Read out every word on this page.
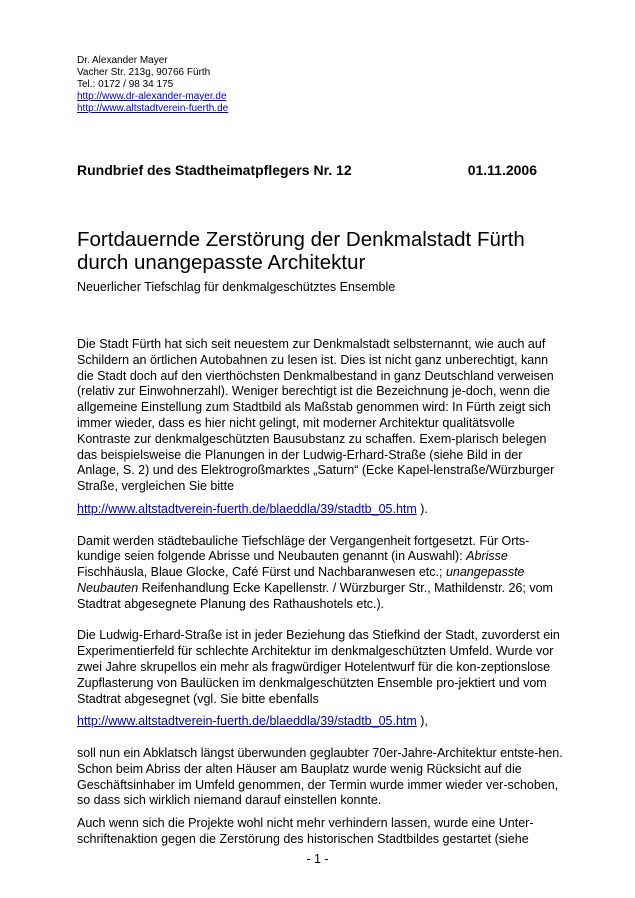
Dr. Alexander Mayer
Vacher Str. 213g, 90766 Fürth
Tel.: 0172 / 98 34 175
http://www.dr-alexander-mayer.de
http://www.altstadtverein-fuerth.de
Rundbrief des Stadtheimatpflegers Nr. 12	01.11.2006
Fortdauernde Zerstörung der Denkmalstadt Fürth
durch unangepasste Architektur
Neuerlicher Tiefschlag für denkmalgeschütztes Ensemble

Die Stadt Fürth hat sich seit neuestem zur Denkmalstadt selbsternannt, wie auch auf Schildern an örtlichen Autobahnen zu lesen ist. Dies ist nicht ganz unberechtigt, kann die Stadt doch auf den vierthöchsten Denkmalbestand in ganz Deutschland verweisen (relativ zur Einwohnerzahl). Weniger berechtigt ist die Bezeichnung je-doch, wenn die allgemeine Einstellung zum Stadtbild als Maßstab genommen wird: In Fürth zeigt sich immer wieder, dass es hier nicht gelingt, mit moderner Architektur qualitätsvolle Kontraste zur denkmalgeschützten Bausubstanz zu schaffen. Exem-plarisch belegen das beispielsweise die Planungen in der Ludwig-Erhard-Straße (siehe Bild in der Anlage, S. 2) und des Elektrogroßmarktes „Saturn“ (Ecke Kapel-lenstraße/Würzburger Straße, vergleichen Sie bitte

http://www.altstadtverein-fuerth.de/blaeddla/39/stadtb_05.htm ).

Damit werden städtebauliche Tiefschläge der Vergangenheit fortgesetzt. Für Orts-kundige seien folgende Abrisse und Neubauten genannt (in Auswahl): Abrisse Fischhäusla, Blaue Glocke, Café Fürst und Nachbaranwesen etc.; unangepasste Neubauten Reifenhandlung Ecke Kapellenstr. / Würzburger Str., Mathildenstr. 26; vom Stadtrat abgesegnete Planung des Rathaushotels etc.).

Die Ludwig-Erhard-Straße ist in jeder Beziehung das Stiefkind der Stadt, zuvorderst ein Experimentierfeld für schlechte Architektur im denkmalgeschützten Umfeld. Wurde vor zwei Jahre skrupellos ein mehr als fragwürdiger Hotelentwurf für die kon-zeptionslose Zupflasterung von Baulücken im denkmalgeschützten Ensemble pro-jektiert und vom Stadtrat abgesegnet (vgl. Sie bitte ebenfalls

http://www.altstadtverein-fuerth.de/blaeddla/39/stadtb_05.htm ),

soll nun ein Abklatsch längst überwunden geglaubter 70er-Jahre-Architektur entste-hen. Schon beim Abriss der alten Häuser am Bauplatz wurde wenig Rücksicht auf die Geschäftsinhaber im Umfeld genommen, der Termin wurde immer wieder ver-schoben, so dass sich wirklich niemand darauf einstellen konnte.

Auch wenn sich die Projekte wohl nicht mehr verhindern lassen, wurde eine Unter-schriftenaktion gegen die Zerstörung des historischen Stadtbildes gestartet (siehe

- 1 -
